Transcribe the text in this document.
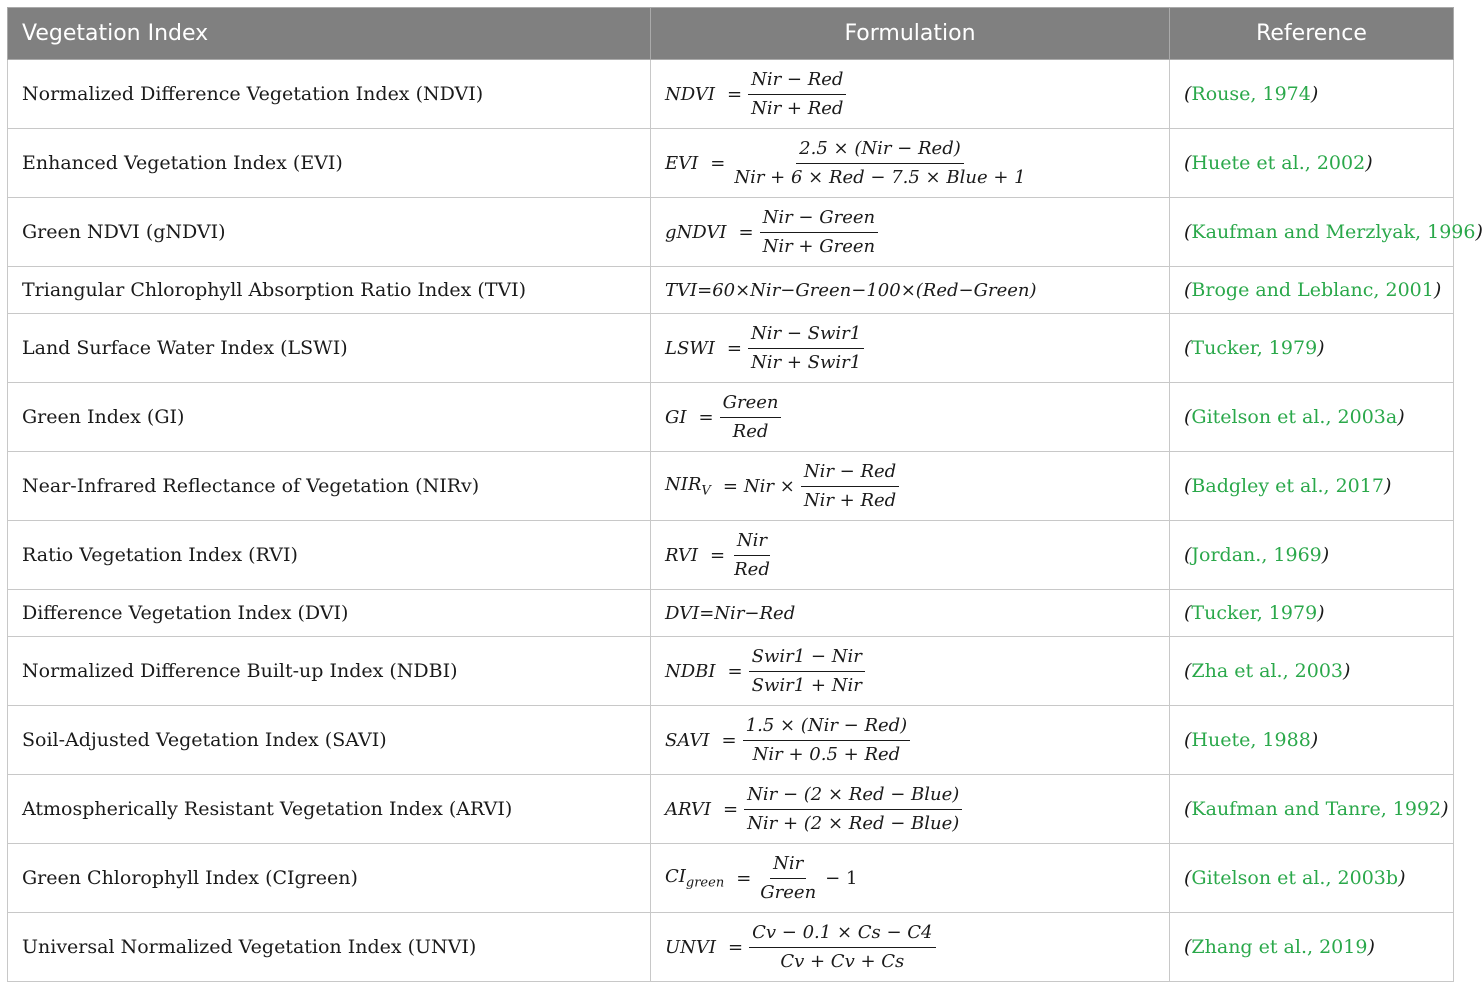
Vegetation Index	Formulation	Reference
Normalized Difference Vegetation Index (NDVI)	NDVI = $\frac{\text{Nir − Red}}{\text{Nir + Red}}$	(Rouse, 1974)
Enhanced Vegetation Index (EVI)	EVI = $\frac{\text{2.5 × (Nir − Red)}}{\text{Nir + 6 × Red − 7.5 × Blue + 1}}$	(Huete et al., 2002)
Green NDVI (gNDVI)	gNDVI = $\frac{\text{Nir − Green}}{\text{Nir + Green}}$	(Kaufman and Merzlyak, 1996)
Triangular Chlorophyll Absorption Ratio Index (TVI)	TVI=60×Nir−Green−100×(Red−Green)	(Broge and Leblanc, 2001)
Land Surface Water Index (LSWI)	LSWI = $\frac{\text{Nir − Swir1}}{\text{Nir + Swir1}}$	(Tucker, 1979)
Green Index (GI)	GI = $\frac{\text{Green}}{\text{Red}}$	(Gitelson et al., 2003a)
Near-Infrared Reflectance of Vegetation (NIRv)	$NIR_V$ = Nir × $\frac{\text{Nir − Red}}{\text{Nir + Red}}$	(Badgley et al., 2017)
Ratio Vegetation Index (RVI)	RVI = $\frac{\text{Nir}}{\text{Red}}$	(Jordan., 1969)
Difference Vegetation Index (DVI)	DVI=Nir−Red	(Tucker, 1979)
Normalized Difference Built-up Index (NDBI)	NDBI = $\frac{\text{Swir1 − Nir}}{\text{Swir1 + Nir}}$	(Zha et al., 2003)
Soil-Adjusted Vegetation Index (SAVI)	SAVI = $\frac{\text{1.5 × (Nir − Red)}}{\text{Nir + 0.5 + Red}}$	(Huete, 1988)
Atmospherically Resistant Vegetation Index (ARVI)	ARVI = $\frac{\text{Nir − (2 × Red − Blue)}}{\text{Nir + (2 × Red − Blue)}}$	(Kaufman and Tanre, 1992)
Green Chlorophyll Index (CIgreen)	$CI_{green} = \frac{\text{Nir}}{\text{Green}} - 1$	(Gitelson et al., 2003b)
Universal Normalized Vegetation Index (UNVI)	UNVI = $\frac{Cv - 0.1 \times Cs - C4}{Cv + Cv + Cs}$	(Zhang et al., 2019)
